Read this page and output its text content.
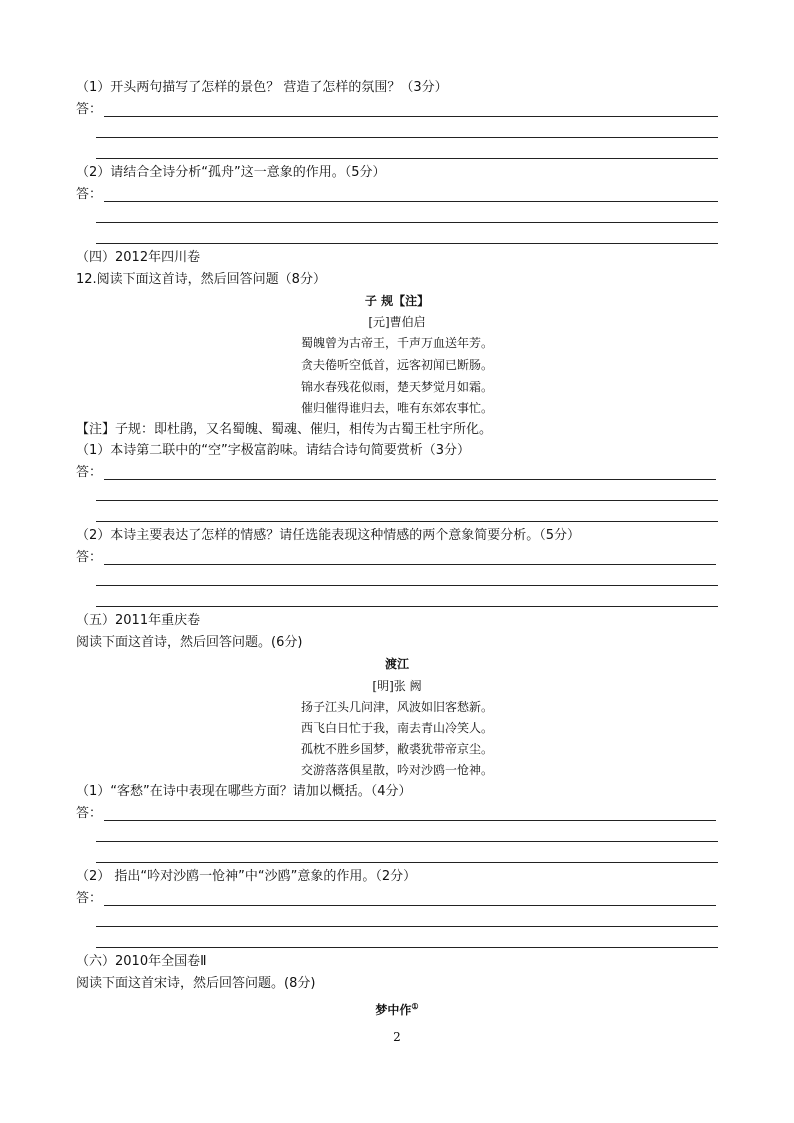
（1）开头两句描写了怎样的景色？ 营造了怎样的氛围？（3分）
答：
（2）请结合全诗分析“孤舟”这一意象的作用。（5分）
答：
（四）2012年四川卷
12.阅读下面这首诗，然后回答问题（8分）
子 规【注】
[元]曹伯启
蜀魄曾为古帝王，千声万血送年芳。
贪夫倦听空低首，远客初闻已断肠。
锦水春残花似雨，楚天梦觉月如霜。
催归催得谁归去，唯有东郊农事忙。
【注】子规：即杜鹃，又名蜀魄、蜀魂、催归，相传为古蜀王杜宇所化。
（1）本诗第二联中的“空”字极富韵味。请结合诗句简要赏析（3分）
答：
（2）本诗主要表达了怎样的情感？请任选能表现这种情感的两个意象简要分析。（5分）
答：
（五）2011年重庆卷
阅读下面这首诗，然后回答问题。(6分)
渡江
[明]张 阙
扬子江头几问津，风波如旧客愁新。
西飞白日忙于我，南去青山冷笑人。
孤枕不胜乡国梦，敝裘犹带帝京尘。
交游落落俱星散，吟对沙鸥一怆神。
（1）“客愁”在诗中表现在哪些方面？请加以概括。（4分）
答：
（2） 指出“吟对沙鸥一怆神”中“沙鸥”意象的作用。（2分）
答：
（六）2010年全国卷Ⅱ
阅读下面这首宋诗，然后回答问题。(8分)
梦中作①
2
